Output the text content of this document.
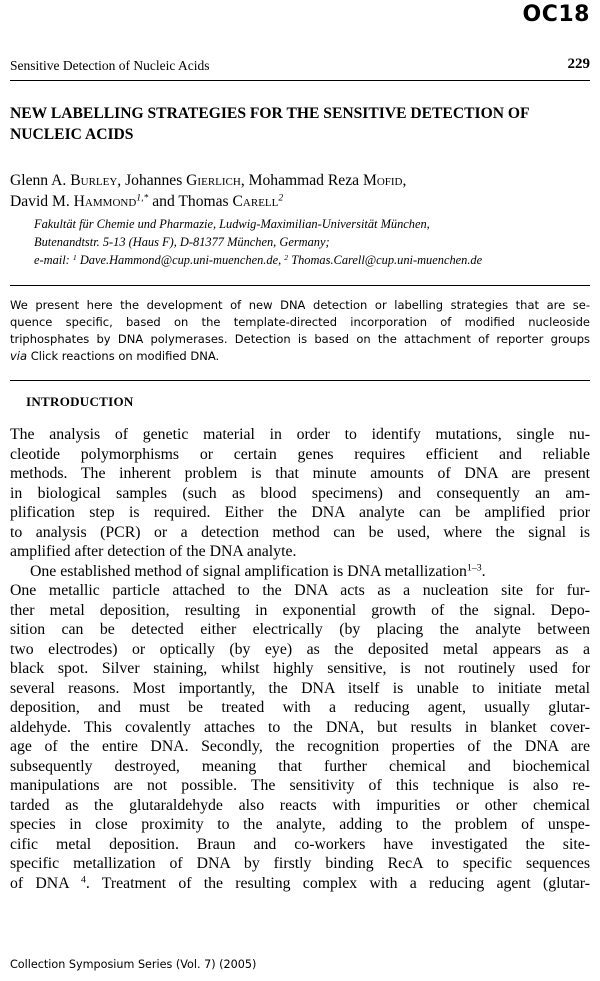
OC18
Sensitive Detection of Nucleic Acids	229
NEW LABELLING STRATEGIES FOR THE SENSITIVE DETECTION OF
NUCLEIC ACIDS
Glenn A. Burley, Johannes Gierlich, Mohammad Reza Mofid,
David M. Hammond$^{1,*}$ and Thomas Carell$^2$
Fakultät für Chemie und Pharmazie, Ludwig-Maximilian-Universität München,
Butenandtstr. 5-13 (Haus F), D-81377 München, Germany;
e-mail: $^1$ Dave.Hammond@cup.uni-muenchen.de, $^2$ Thomas.Carell@cup.uni-muenchen.de
We present here the development of new DNA detection or labelling strategies that are se-
quence specific, based on the template-directed incorporation of modified nucleoside
triphosphates by DNA polymerases. Detection is based on the attachment of reporter groups
via Click reactions on modified DNA.
INTRODUCTION
The analysis of genetic material in order to identify mutations, single nu-
cleotide polymorphisms or certain genes requires efficient and reliable
methods. The inherent problem is that minute amounts of DNA are present
in biological samples (such as blood specimens) and consequently an am-
plification step is required. Either the DNA analyte can be amplified prior
to analysis (PCR) or a detection method can be used, where the signal is
amplified after detection of the DNA analyte.
One established method of signal amplification is DNA metallization$^{1-3}$.
One metallic particle attached to the DNA acts as a nucleation site for fur-
ther metal deposition, resulting in exponential growth of the signal. Depo-
sition can be detected either electrically (by placing the analyte between
two electrodes) or optically (by eye) as the deposited metal appears as a
black spot. Silver staining, whilst highly sensitive, is not routinely used for
several reasons. Most importantly, the DNA itself is unable to initiate metal
deposition, and must be treated with a reducing agent, usually glutar-
aldehyde. This covalently attaches to the DNA, but results in blanket cover-
age of the entire DNA. Secondly, the recognition properties of the DNA are
subsequently destroyed, meaning that further chemical and biochemical
manipulations are not possible. The sensitivity of this technique is also re-
tarded as the glutaraldehyde also reacts with impurities or other chemical
species in close proximity to the analyte, adding to the problem of unspe-
cific metal deposition. Braun and co-workers have investigated the site-
specific metallization of DNA by firstly binding RecA to specific sequences
of DNA $^4$. Treatment of the resulting complex with a reducing agent (glutar-
Collection Symposium Series (Vol. 7) (2005)
